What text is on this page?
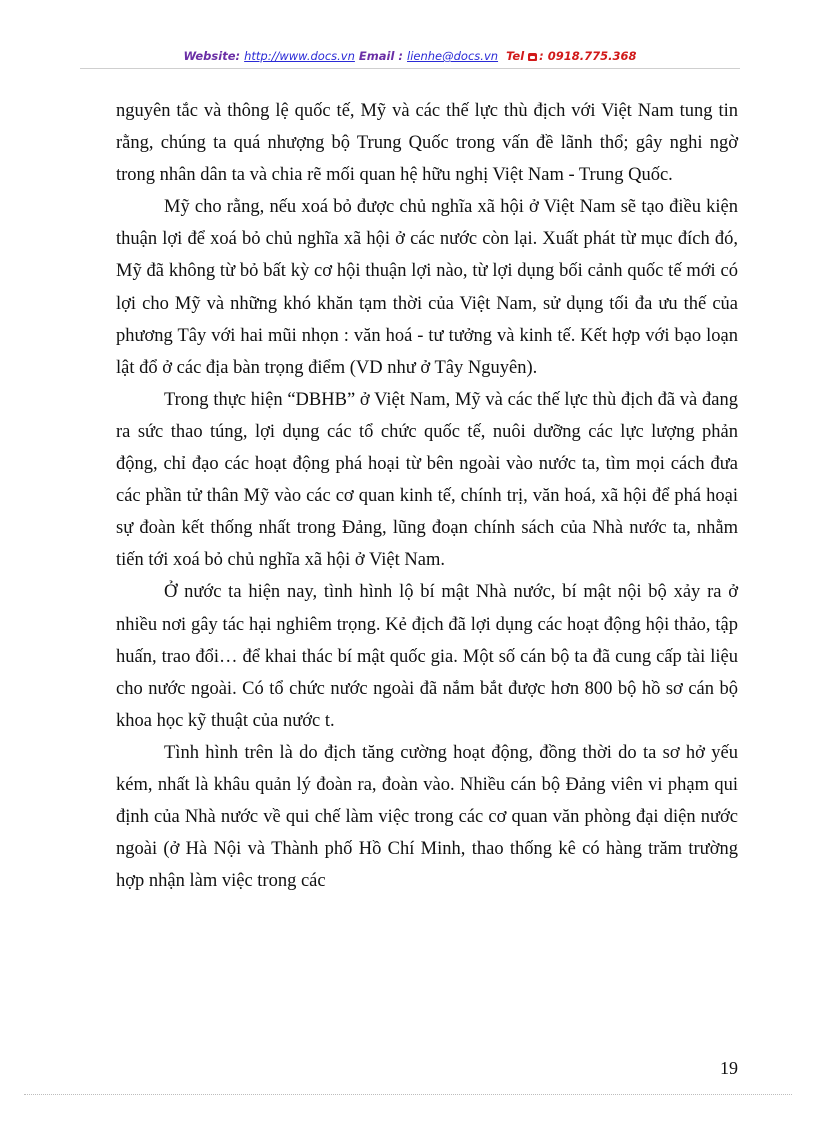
Website: http://www.docs.vn Email : lienhe@docs.vn Tel : 0918.775.368

nguyên tắc và thông lệ quốc tế, Mỹ và các thế lực thù địch với Việt Nam tung tin rằng, chúng ta quá nhượng bộ Trung Quốc trong vấn đề lãnh thổ; gây nghi ngờ trong nhân dân ta và chia rẽ mối quan hệ hữu nghị Việt Nam - Trung Quốc.

Mỹ cho rằng, nếu xoá bỏ được chủ nghĩa xã hội ở Việt Nam sẽ tạo điều kiện thuận lợi để xoá bỏ chủ nghĩa xã hội ở các nước còn lại. Xuất phát từ mục đích đó, Mỹ đã không từ bỏ bất kỳ cơ hội thuận lợi nào, từ lợi dụng bối cảnh quốc tế mới có lợi cho Mỹ và những khó khăn tạm thời của Việt Nam, sử dụng tối đa ưu thế của phương Tây với hai mũi nhọn : văn hoá - tư tưởng và kinh tế. Kết hợp với bạo loạn lật đổ ở các địa bàn trọng điểm (VD như ở Tây Nguyên).

Trong thực hiện “DBHB” ở Việt Nam, Mỹ và các thế lực thù địch đã và đang ra sức thao túng, lợi dụng các tổ chức quốc tế, nuôi dưỡng các lực lượng phản động, chỉ đạo các hoạt động phá hoại từ bên ngoài vào nước ta, tìm mọi cách đưa các phần tử thân Mỹ vào các cơ quan kinh tế, chính trị, văn hoá, xã hội để phá hoại sự đoàn kết thống nhất trong Đảng, lũng đoạn chính sách của Nhà nước ta, nhằm tiến tới xoá bỏ chủ nghĩa xã hội ở Việt Nam.

Ở nước ta hiện nay, tình hình lộ bí mật Nhà nước, bí mật nội bộ xảy ra ở nhiều nơi gây tác hại nghiêm trọng. Kẻ địch đã lợi dụng các hoạt động hội thảo, tập huấn, trao đổi… để khai thác bí mật quốc gia. Một số cán bộ ta đã cung cấp tài liệu cho nước ngoài. Có tổ chức nước ngoài đã nắm bắt được hơn 800 bộ hồ sơ cán bộ khoa học kỹ thuật của nước t.

Tình hình trên là do địch tăng cường hoạt động, đồng thời do ta sơ hở yếu kém, nhất là khâu quản lý đoàn ra, đoàn vào. Nhiều cán bộ Đảng viên vi phạm qui định của Nhà nước về qui chế làm việc trong các cơ quan văn phòng đại diện nước ngoài (ở Hà Nội và Thành phố Hồ Chí Minh, thao thống kê có hàng trăm trường hợp nhận làm việc trong các

19
